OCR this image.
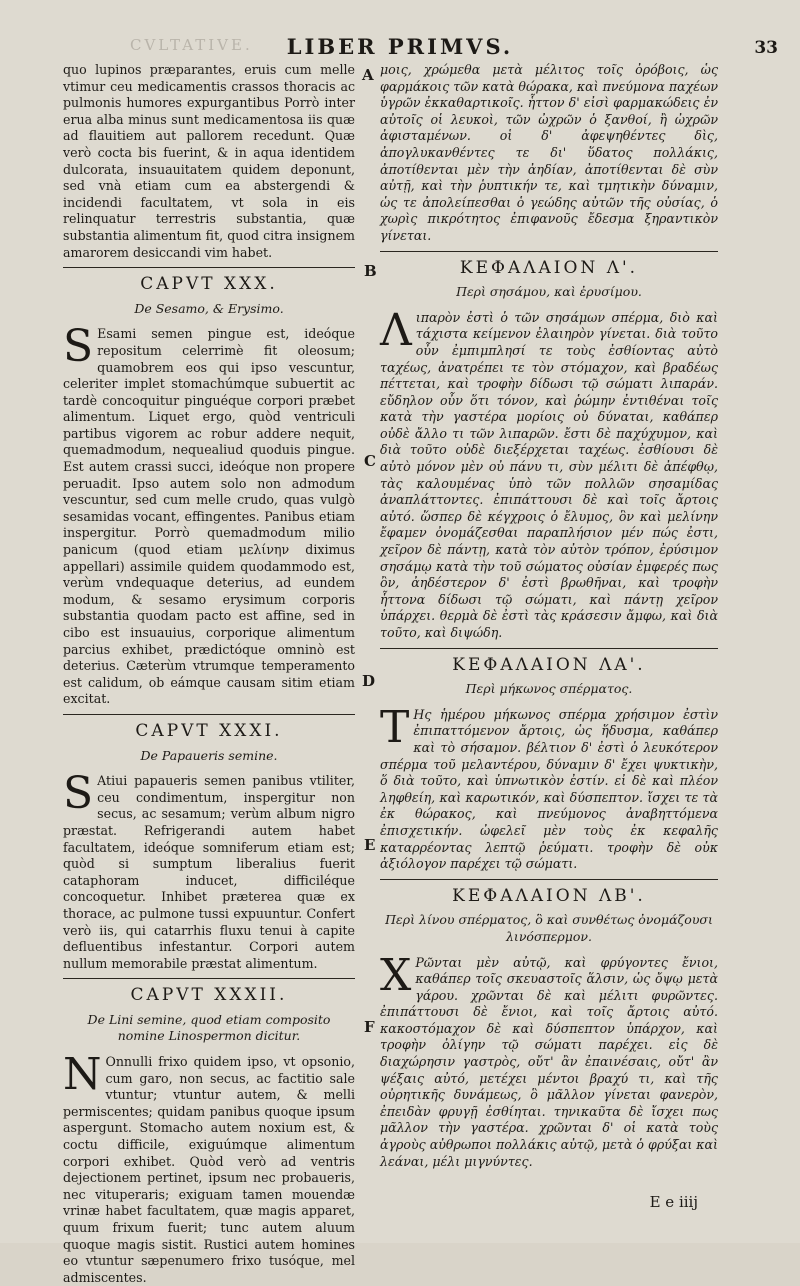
CVLTATIVE.	LIBER PRIMVS.	33
A
B
C
D
E
F

quo lupinos præparantes, eruis cum melle vtimur ceu medicamentis crassos thoracis ac pulmonis humores expurgantibus Porrò inter erua alba minus sunt medicamentosa iis quæ ad flauitiem aut pallorem recedunt. Quæ verò cocta bis fuerint, & in aqua identidem dulcorata, insuauitatem quidem deponunt, sed vnà etiam cum ea abstergendi & incidendi facultatem, vt sola in eis relinquatur terrestris substantia, quæ substantia alimentum fit, quod citra insignem amarorem desiccandi vim habet.

CAPVT XXX.
De Sesamo, & Erysimo.

S Esami semen pingue est, ideóque repositum celerrimè fit oleosum; quamobrem eos qui ipso vescuntur, celeriter implet stomachúmque subuertit ac tardè concoquitur pinguéque corpori præbet alimentum. Liquet ergo, quòd ventriculi partibus vigorem ac robur addere nequit, quemadmodum, nequealiud quoduis pingue. Est autem crassi succi, ideóque non propere peruadit. Ipso autem solo non admodum vescuntur, sed cum melle crudo, quas vulgò sesamidas vocant, effingentes. Panibus etiam inspergitur. Porrò quemadmodum milio panicum (quod etiam μελίνην diximus appellari) assimile quidem quodammodo est, verùm vndequaque deterius, ad eundem modum, & sesamo erysimum corporis substantia quodam pacto est affine, sed in cibo est insuauius, corporique alimentum parcius exhibet, prædictóque omninò est deterius. Cæterùm vtrumque temperamento est calidum, ob eámque causam sitim etiam excitat.

CAPVT XXXI.
De Papaueris semine.

S Atiui papaueris semen panibus vtiliter, ceu condimentum, inspergitur non secus, ac sesamum; verùm album nigro præstat. Refrigerandi autem habet facultatem, ideóque somniferum etiam est; quòd si sumptum liberalius fuerit cataphoram inducet, difficiléque concoquetur. Inhibet præterea quæ ex thorace, ac pulmone tussi expuuntur. Confert verò iis, qui catarrhis fluxu tenui à capite defluentibus infestantur. Corpori autem nullum memorabile præstat alimentum.

CAPVT XXXII.
De Lini semine, quod etiam composito nomine Linospermon dicitur.

N Onnulli frixo quidem ipso, vt opsonio, cum garo, non secus, ac factitio sale vtuntur; vtuntur autem, & melli permiscentes; quidam panibus quoque ipsum aspergunt. Stomacho autem noxium est, & coctu difficile, exiguúmque alimentum corpori exhibet. Quòd verò ad ventris dejectionem pertinet, ipsum nec probaueris, nec vituperaris; exiguam tamen mouendæ vrinæ habet facultatem, quæ magis apparet, quum frixum fuerit; tunc autem aluum quoque magis sistit. Rustici autem homines eo vtuntur sæpenumero frixo tusóque, mel admiscentes.

μοις, χρώμεθα μετὰ μέλιτος τοῖς ὀρόβοις, ὡς φαρμάκοις τῶν κατὰ θώρακα, καὶ πνεύμονα παχέων ὑγρῶν ἐκκαθαρτικοῖς. ἧττον δ' εἰσὶ φαρμακώδεις ἐν αὐτοῖς οἱ λευκοὶ, τῶν ὠχρῶν ὁ ξανθοί, ἢ ὠχρῶν ἀφισταμένων. οἱ δ' ἀφεψηθέντες δὶς, ἀπογλυκανθέντες τε δι' ὕδατος πολλάκις, ἀποτίθενται μὲν τὴν ἀηδίαν, ἀποτίθενται δὲ σὺν αὐτῇ, καὶ τὴν ῥυπτικήν τε, καὶ τμητικὴν δύναμιν, ὡς τε ἀπολείπεσθαι ὁ γεώδης αὐτῶν τῆς οὐσίας, ὁ χωρὶς πικρότητος ἐπιφανοῦς ἔδεσμα ξηραντικὸν γίνεται.

ΚΕΦΑΛΑΙΟΝ Λ'.
Περὶ σησάμου, καὶ ἐρυσίμου.

Λιπαρὸν ἐστὶ ὁ τῶν σησάμων σπέρμα, διὸ καὶ τάχιστα κείμενον ἐλαιηρὸν γίνεται. διὰ τοῦτο οὖν ἐμπιμπλησί τε τοὺς ἐσθίοντας αὐτὸ ταχέως, ἀνατρέπει τε τὸν στόμαχον, καὶ βραδέως πέττεται, καὶ τροφὴν δίδωσι τῷ σώματι λιπαράν. εὔδηλον οὖν ὅτι τόνον, καὶ ῥώμην ἐντιθέναι τοῖς κατὰ τὴν γαστέρα μορίοις οὐ δύναται, καθάπερ οὐδὲ ἄλλο τι τῶν λιπαρῶν. ἔστι δὲ παχύχυμον, καὶ διὰ τοῦτο οὐδὲ διεξέρχεται ταχέως. ἐσθίουσι δὲ αὐτὸ μόνον μὲν οὐ πάνυ τι, σὺν μέλιτι δὲ ἀπέφθῳ, τὰς καλουμένας ὑπὸ τῶν πολλῶν σησαμίδας ἀναπλάττοντες. ἐπιπάττουσι δὲ καὶ τοῖς ἄρτοις αὐτό. ὥσπερ δὲ κέγχροις ὁ ἔλυμος, ὃν καὶ μελίνην ἔφαμεν ὀνομάζεσθαι παραπλήσιον μέν πώς ἐστι, χεῖρον δὲ πάντῃ, κατὰ τὸν αὐτὸν τρόπον, ἐρύσιμον σησάμῳ κατὰ τὴν τοῦ σώματος οὐσίαν ἐμφερές πως ὂν, ἀηδέστερον δ' ἐστὶ βρωθῆναι, καὶ τροφὴν ἧττονα δίδωσι τῷ σώματι, καὶ πάντῃ χεῖρον ὑπάρχει. θερμὰ δὲ ἐστὶ τὰς κράσεσιν ἄμφω, καὶ διὰ τοῦτο, καὶ διψώδη.

ΚΕΦΑΛΑΙΟΝ ΛΑ'.
Περὶ μήκωνος σπέρματος.

Τ Ης ἡμέρου μήκωνος σπέρμα χρήσιμον ἐστὶν ἐπιπαττόμενον ἄρτοις, ὡς ἥδυσμα, καθάπερ καὶ τὸ σήσαμον. βέλτιον δ' ἐστὶ ὁ λευκότερον σπέρμα τοῦ μελαντέρου, δύναμιν δ' ἔχει ψυκτικὴν, ὅ διὰ τοῦτο, καὶ ὑπνωτικὸν ἐστίν. εἰ δὲ καὶ πλέον ληφθείη, καὶ καρωτικόν, καὶ δύσπεπτον. ἴσχει τε τὰ ἐκ θώρακος, καὶ πνεύμονος ἀναβηττόμενα ἐπισχετικήν. ὠφελεῖ μὲν τοὺς ἐκ κεφαλῆς καταρρέοντας λεπτῷ ῥεύματι. τροφὴν δὲ οὐκ ἀξιόλογον παρέχει τῷ σώματι.

ΚΕΦΑΛΑΙΟΝ ΛΒ'.
Περὶ λίνου σπέρματος, ὃ καὶ συνθέτως ὀνομάζουσι λινόσπερμον.

Χ Ρῶνται μὲν αὐτῷ, καὶ φρύγοντες ἔνιοι, καθάπερ τοῖς σκευαστοῖς ἅλσιν, ὡς ὄψῳ μετὰ γάρου. χρῶνται δὲ καὶ μέλιτι φυρῶντες. ἐπιπάττουσι δὲ ἔνιοι, καὶ τοῖς ἄρτοις αὐτό. κακοστόμαχον δὲ καὶ δύσπεπτον ὑπάρχον, καὶ τροφὴν ὀλίγην τῷ σώματι παρέχει. εἰς δὲ διαχώρησιν γαστρὸς, οὔτ' ἂν ἐπαινέσαις, οὔτ' ἂν ψέξαις αὐτό, μετέχει μέντοι βραχύ τι, καὶ τῆς οὐρητικῆς δυνάμεως, ὃ μᾶλλον γίνεται φανερὸν, ἐπειδὰν φρυγῇ ἐσθίηται. τηνικαῦτα δὲ ἴσχει πως μᾶλλον τὴν γαστέρα. χρῶνται δ' οἱ κατὰ τοὺς ἀγροὺς αὐθρωποι πολλάκις αὐτῷ, μετὰ ὁ φρύξαι καὶ λεάναι, μέλι μιγνύντες.

E e iiij
